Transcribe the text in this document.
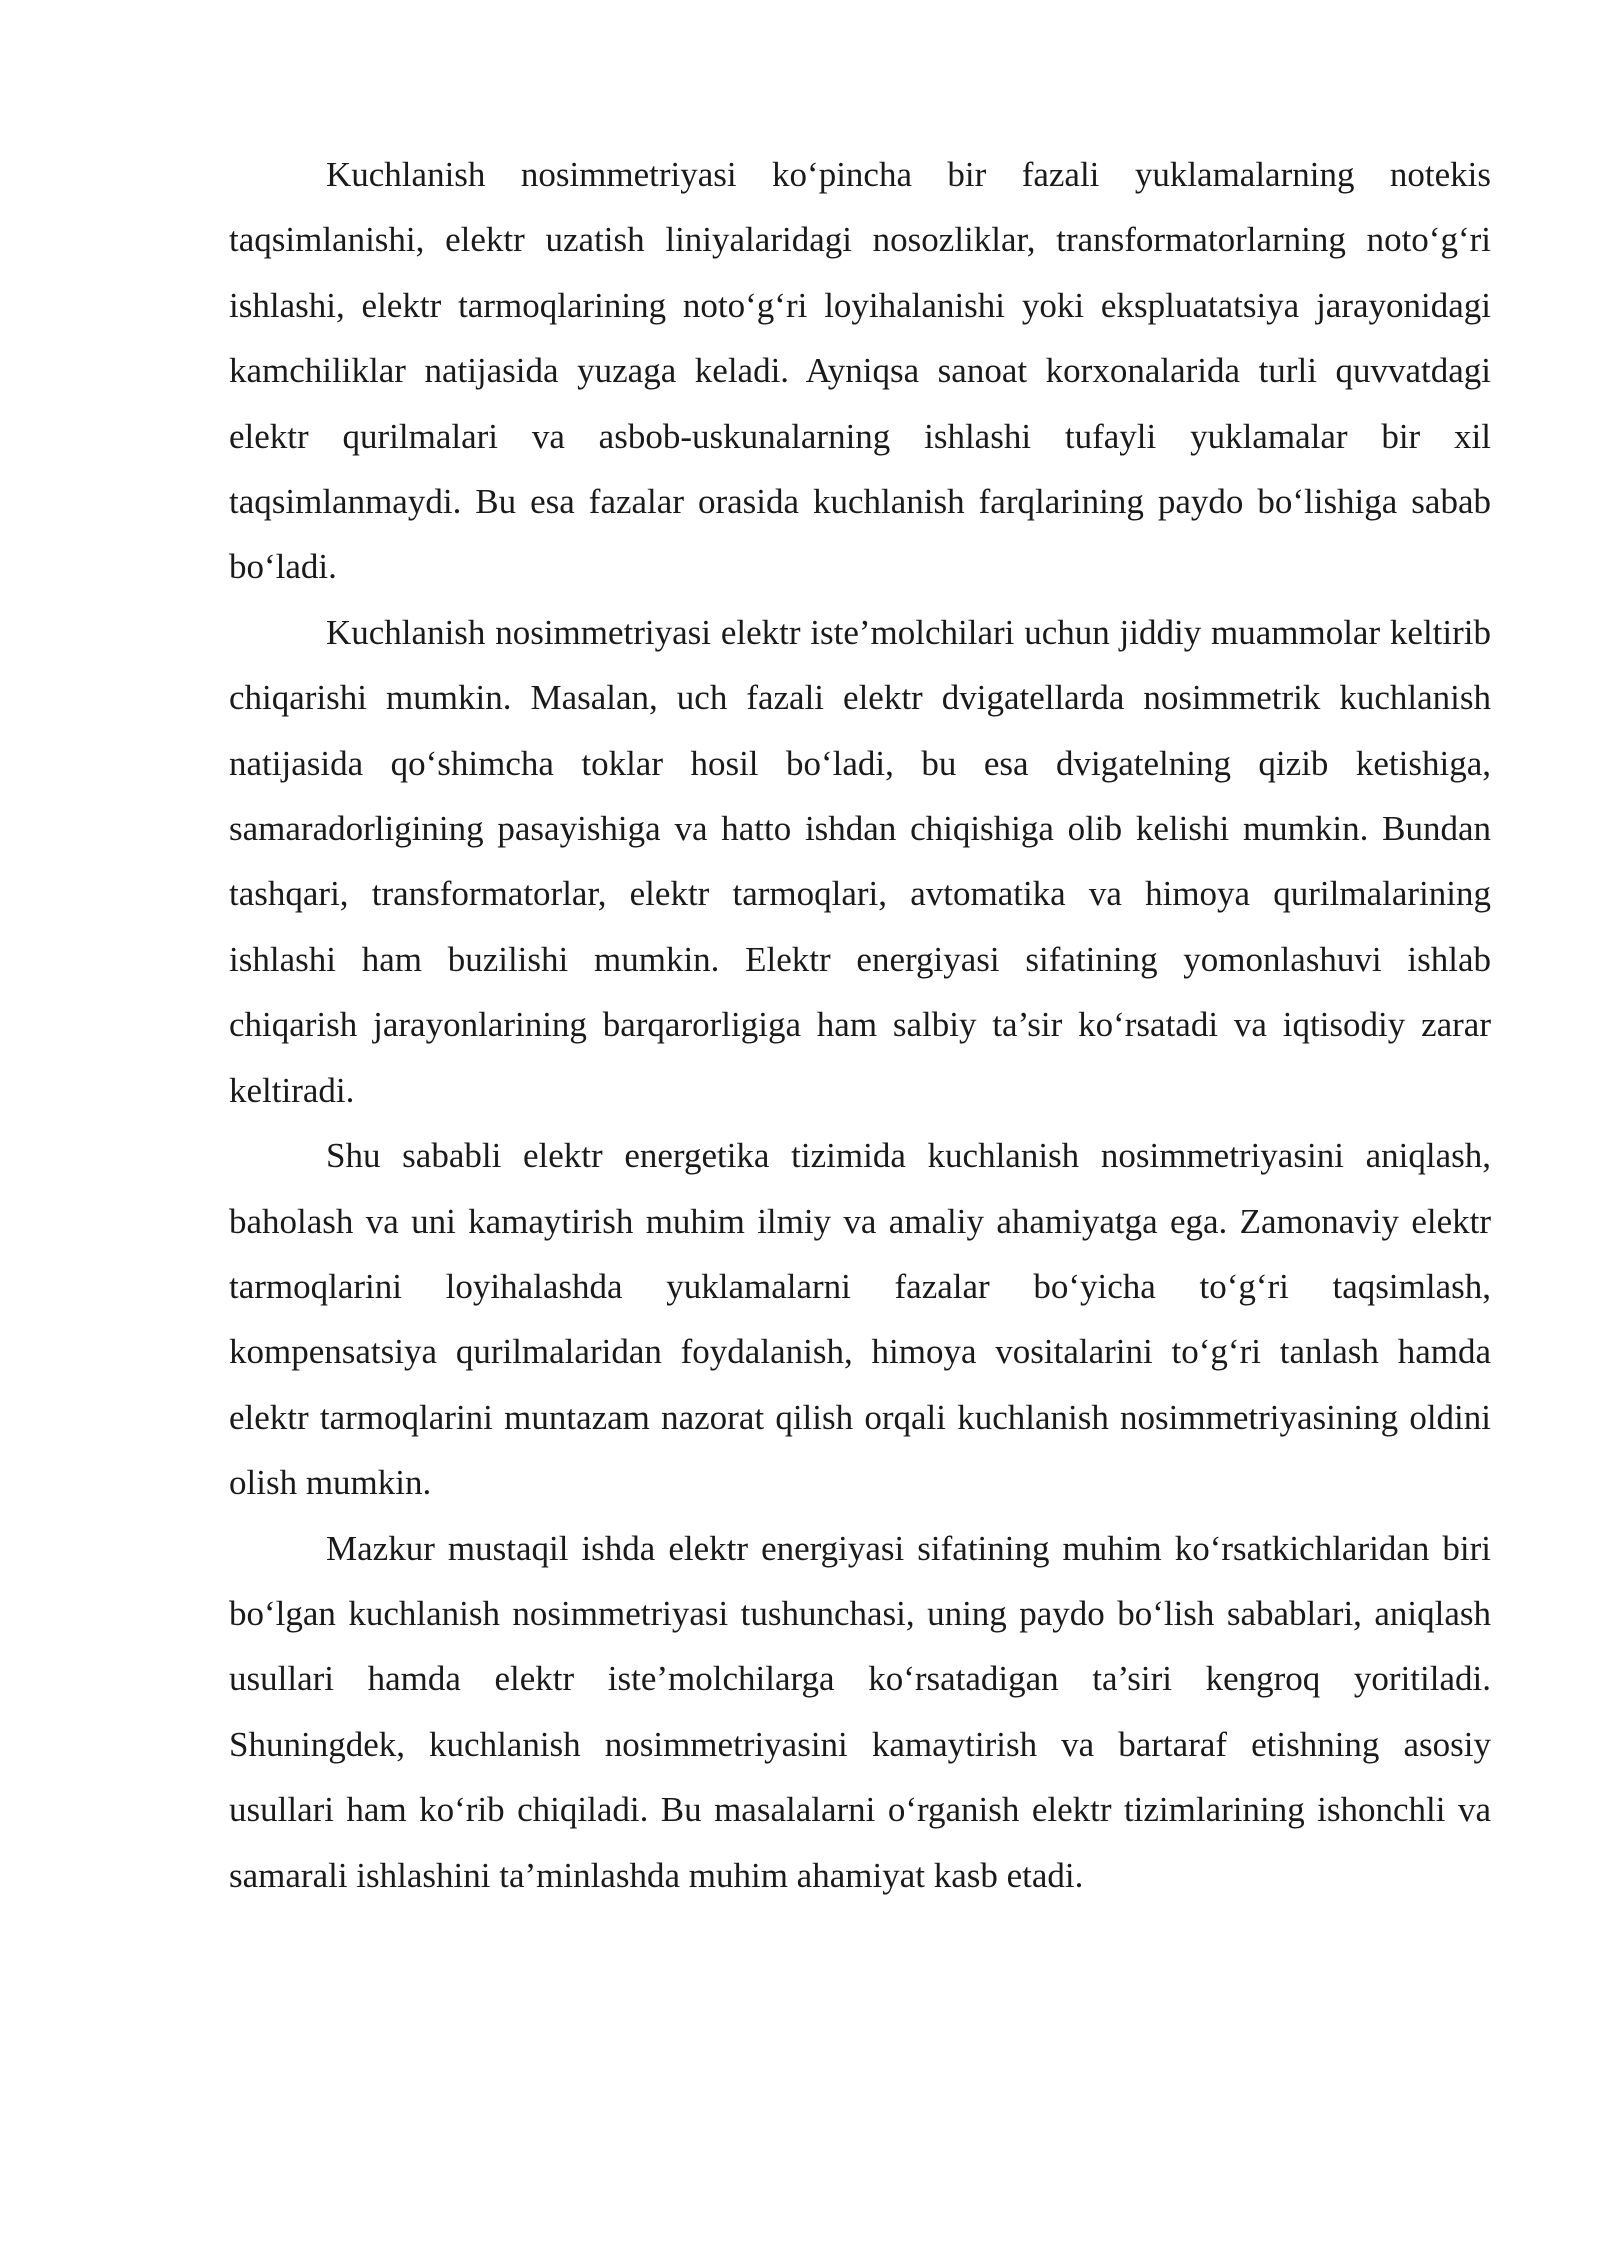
Kuchlanish nosimmetriyasi ko‘pincha bir fazali yuklamalarning notekis taqsimlanishi, elektr uzatish liniyalaridagi nosozliklar, transformatorlarning noto‘g‘ri ishlashi, elektr tarmoqlarining noto‘g‘ri loyihalanishi yoki ekspluatatsiya jarayonidagi kamchiliklar natijasida yuzaga keladi. Ayniqsa sanoat korxonalarida turli quvvatdagi elektr qurilmalari va asbob-uskunalarning ishlashi tufayli yuklamalar bir xil taqsimlanmaydi. Bu esa fazalar orasida kuchlanish farqlarining paydo bo‘lishiga sabab bo‘ladi.

Kuchlanish nosimmetriyasi elektr iste’molchilari uchun jiddiy muammolar keltirib chiqarishi mumkin. Masalan, uch fazali elektr dvigatellarda nosimmetrik kuchlanish natijasida qo‘shimcha toklar hosil bo‘ladi, bu esa dvigatelning qizib ketishiga, samaradorligining pasayishiga va hatto ishdan chiqishiga olib kelishi mumkin. Bundan tashqari, transformatorlar, elektr tarmoqlari, avtomatika va himoya qurilmalarining ishlashi ham buzilishi mumkin. Elektr energiyasi sifatining yomonlashuvi ishlab chiqarish jarayonlarining barqarorligiga ham salbiy ta’sir ko‘rsatadi va iqtisodiy zarar keltiradi.

Shu sababli elektr energetika tizimida kuchlanish nosimmetriyasini aniqlash, baholash va uni kamaytirish muhim ilmiy va amaliy ahamiyatga ega. Zamonaviy elektr tarmoqlarini loyihalashda yuklamalarni fazalar bo‘yicha to‘g‘ri taqsimlash, kompensatsiya qurilmalaridan foydalanish, himoya vositalarini to‘g‘ri tanlash hamda elektr tarmoqlarini muntazam nazorat qilish orqali kuchlanish nosimmetriyasining oldini olish mumkin.

Mazkur mustaqil ishda elektr energiyasi sifatining muhim ko‘rsatkichlaridan biri bo‘lgan kuchlanish nosimmetriyasi tushunchasi, uning paydo bo‘lish sabablari, aniqlash usullari hamda elektr iste’molchilarga ko‘rsatadigan ta’siri kengroq yoritiladi. Shuningdek, kuchlanish nosimmetriyasini kamaytirish va bartaraf etishning asosiy usullari ham ko‘rib chiqiladi. Bu masalalarni o‘rganish elektr tizimlarining ishonchli va samarali ishlashini ta’minlashda muhim ahamiyat kasb etadi.
